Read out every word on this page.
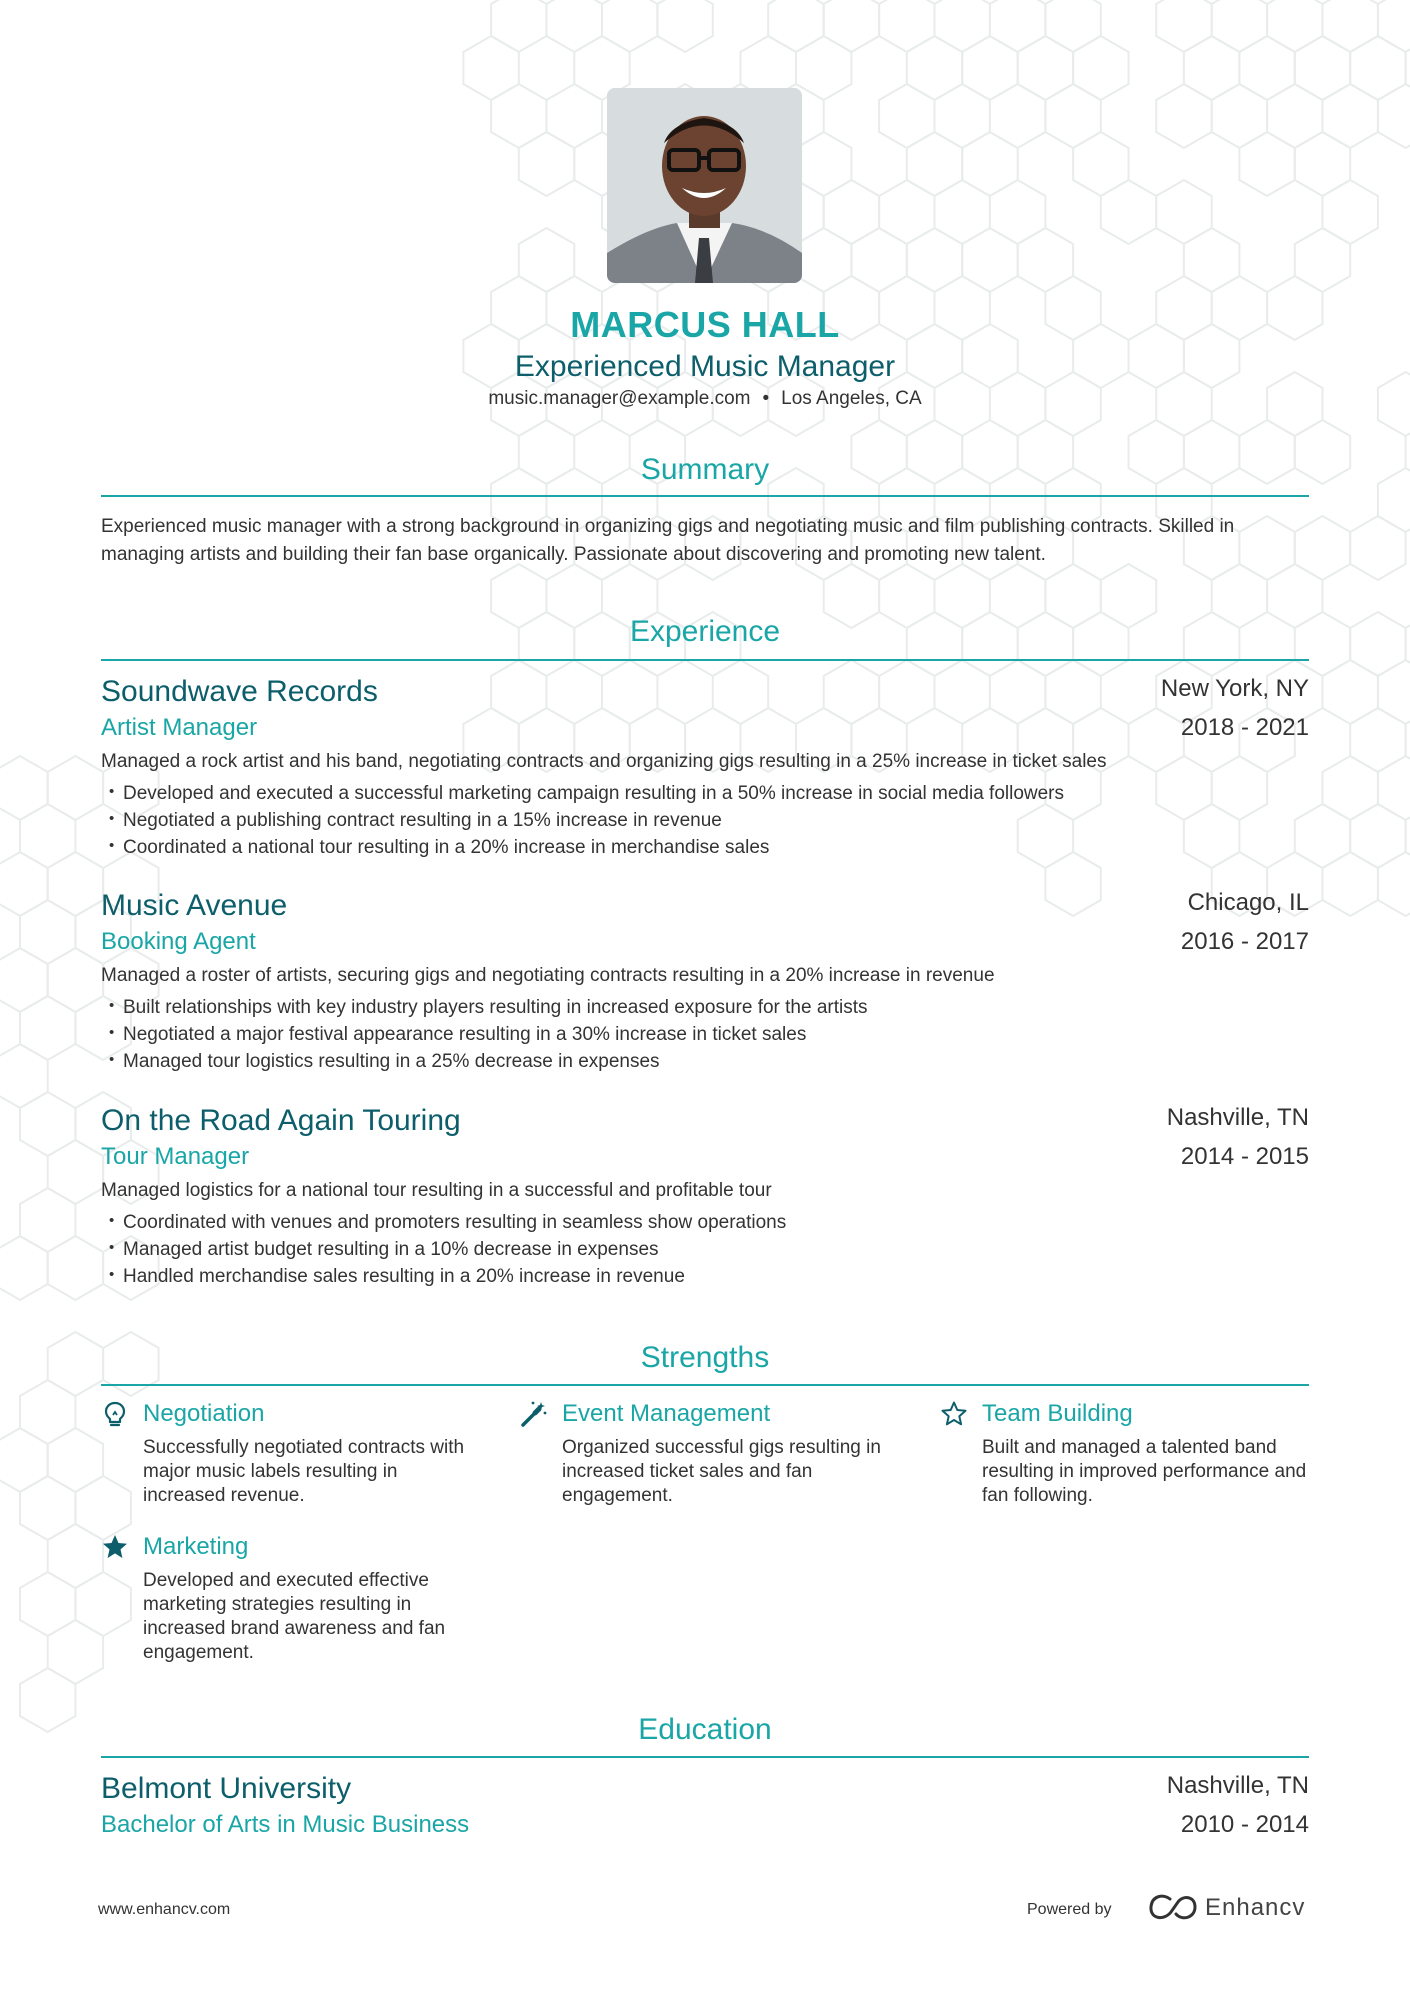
MARCUS HALL
Experienced Music Manager
music.manager@example.com • Los Angeles, CA
Summary
Experienced music manager with a strong background in organizing gigs and negotiating music and film publishing contracts. Skilled in managing artists and building their fan base organically. Passionate about discovering and promoting new talent.
Experience
Soundwave Records	New York, NY
Artist Manager	2018 - 2021
Managed a rock artist and his band, negotiating contracts and organizing gigs resulting in a 25% increase in ticket sales
• Developed and executed a successful marketing campaign resulting in a 50% increase in social media followers
• Negotiated a publishing contract resulting in a 15% increase in revenue
• Coordinated a national tour resulting in a 20% increase in merchandise sales
Music Avenue	Chicago, IL
Booking Agent	2016 - 2017
Managed a roster of artists, securing gigs and negotiating contracts resulting in a 20% increase in revenue
• Built relationships with key industry players resulting in increased exposure for the artists
• Negotiated a major festival appearance resulting in a 30% increase in ticket sales
• Managed tour logistics resulting in a 25% decrease in expenses
On the Road Again Touring	Nashville, TN
Tour Manager	2014 - 2015
Managed logistics for a national tour resulting in a successful and profitable tour
• Coordinated with venues and promoters resulting in seamless show operations
• Managed artist budget resulting in a 10% decrease in expenses
• Handled merchandise sales resulting in a 20% increase in revenue
Strengths
Negotiation
Successfully negotiated contracts with major music labels resulting in increased revenue.
Event Management
Organized successful gigs resulting in increased ticket sales and fan engagement.
Team Building
Built and managed a talented band resulting in improved performance and fan following.
Marketing
Developed and executed effective marketing strategies resulting in increased brand awareness and fan engagement.
Education
Belmont University	Nashville, TN
Bachelor of Arts in Music Business	2010 - 2014
www.enhancv.com	Powered by	Enhancv
